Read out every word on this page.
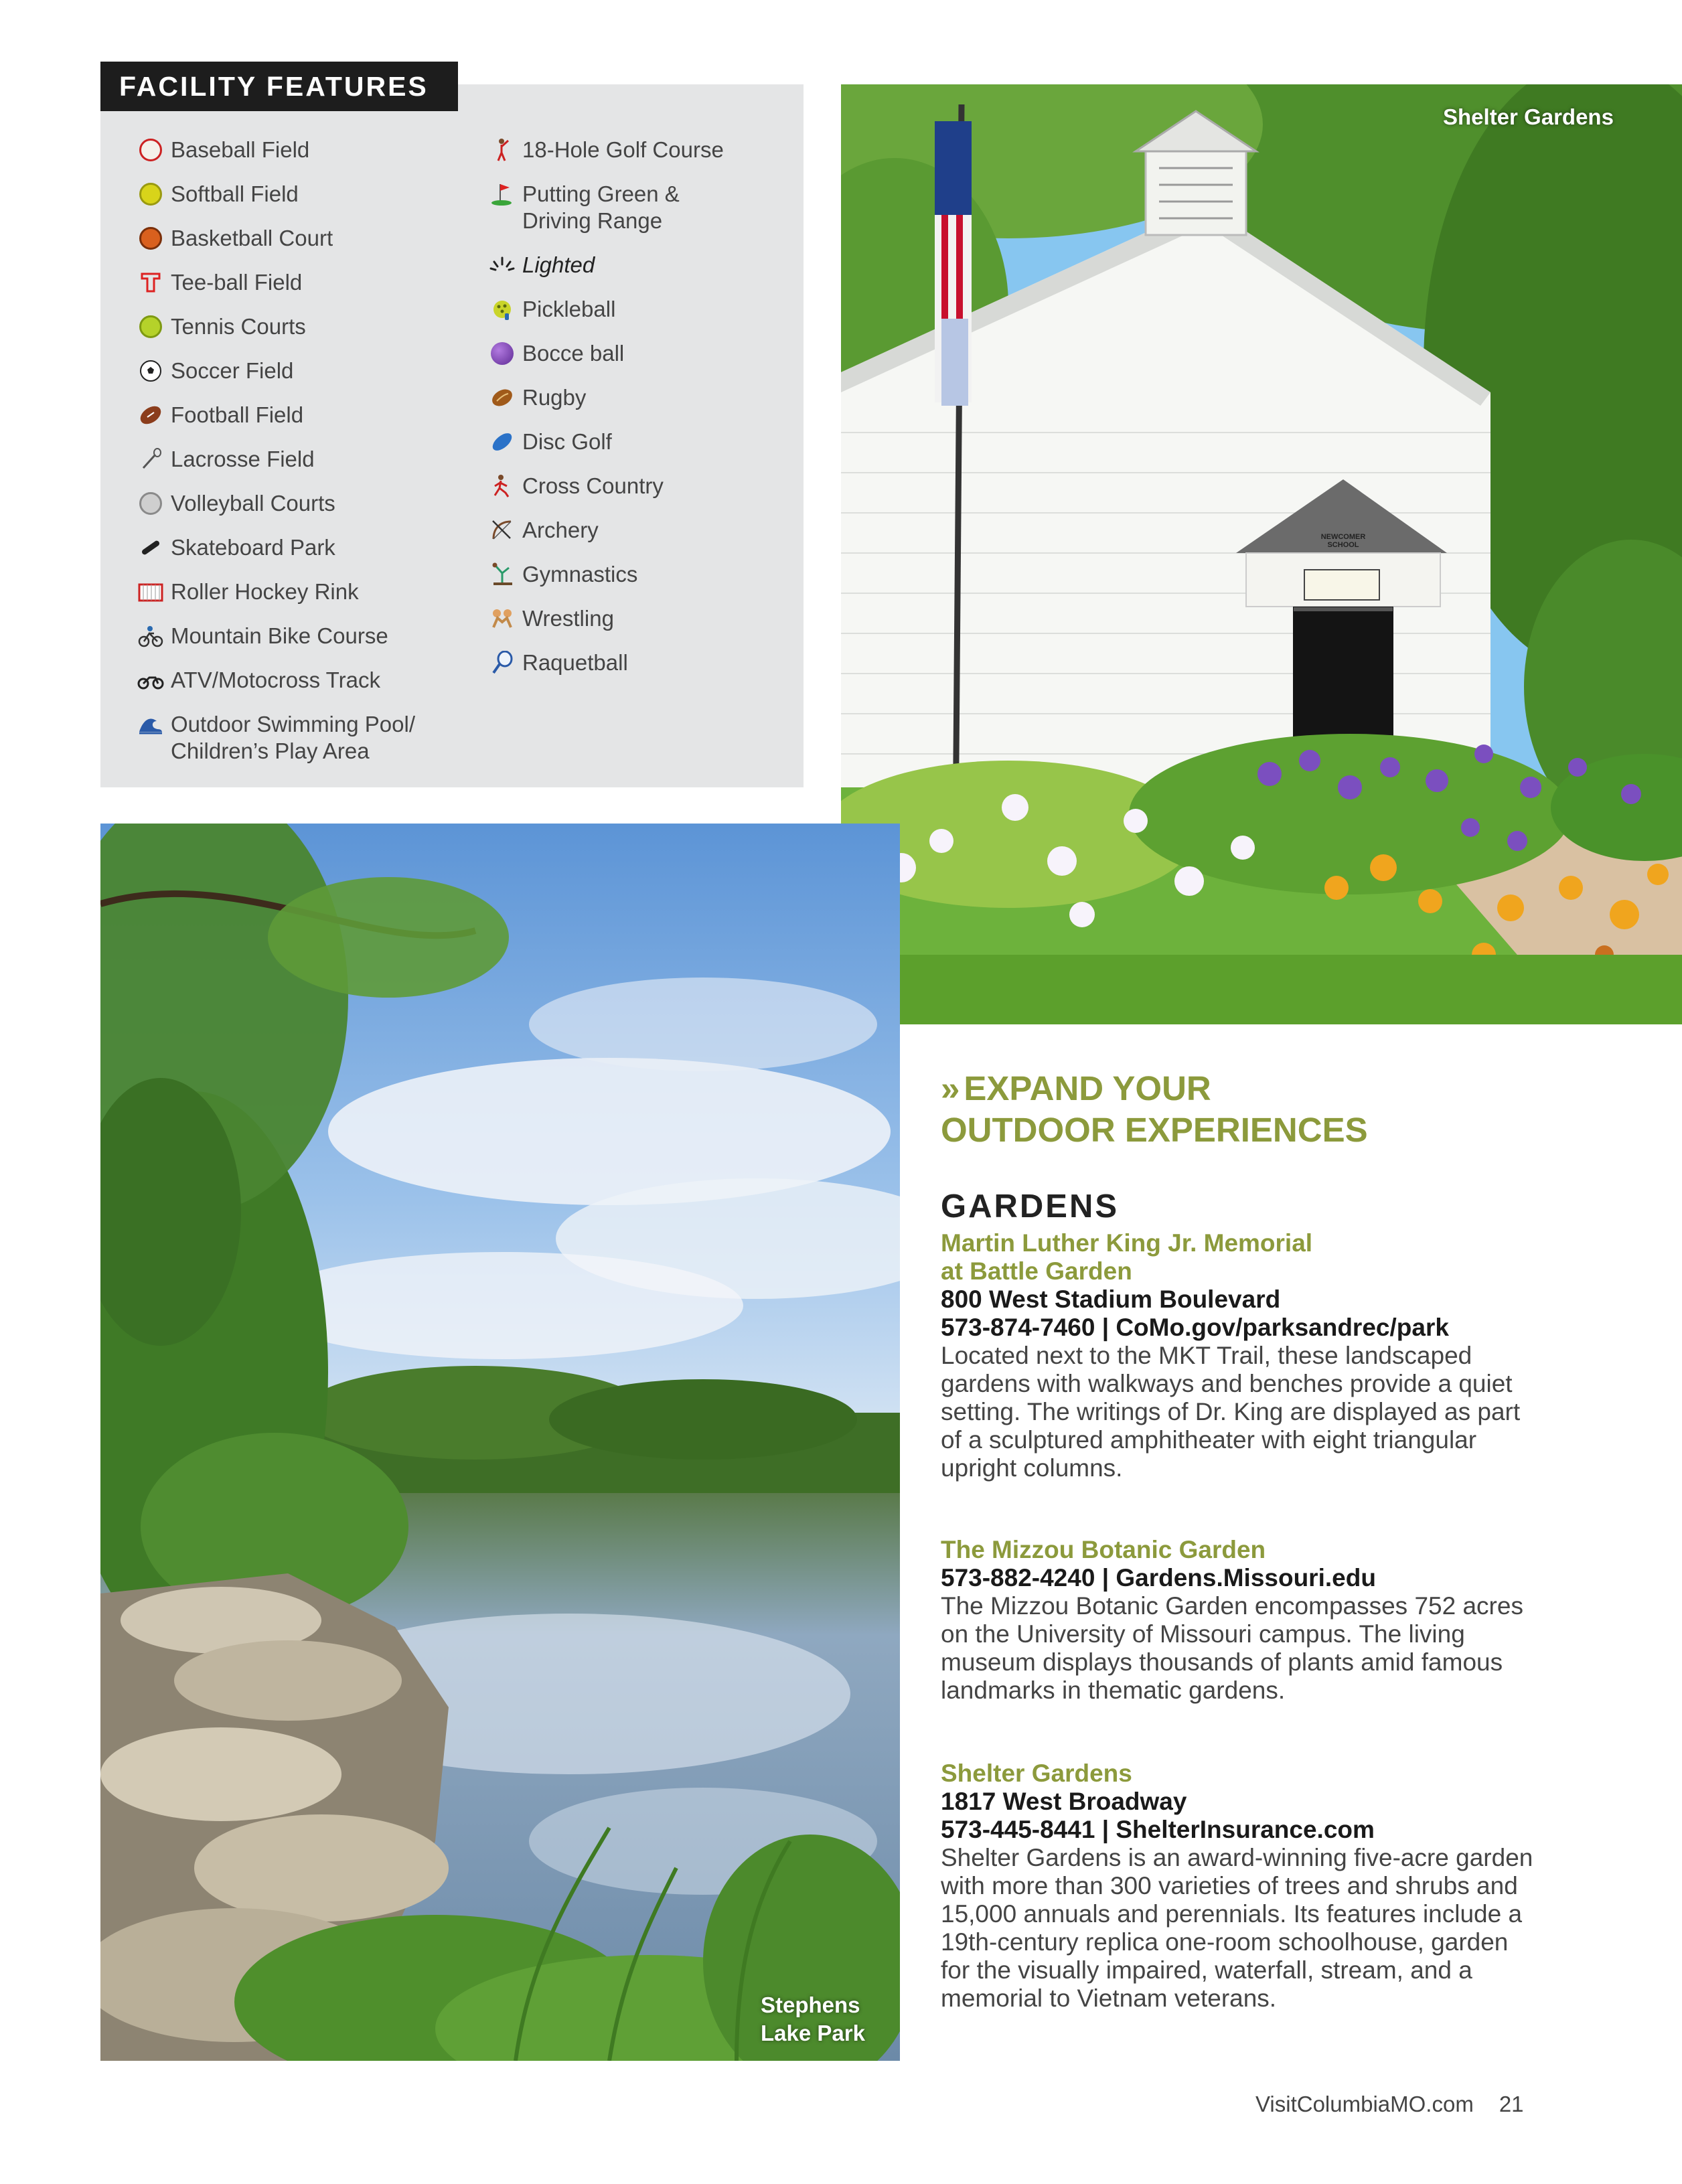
FACILITY FEATURES
Baseball Field
Softball Field
Basketball Court
Tee-ball Field
Tennis Courts
Soccer Field
Football Field
Lacrosse Field
Volleyball Courts
Skateboard Park
Roller Hockey Rink
Mountain Bike Course
ATV/Motocross Track
Outdoor Swimming Pool/
Children’s Play Area
18-Hole Golf Course
Putting Green &
Driving Range
Lighted
Pickleball
Bocce ball
Rugby
Disc Golf
Cross Country
Archery
Gymnastics
Wrestling
Raquetball
NEWCOMER
SCHOOL
Shelter Gardens
Stephens
Lake Park
» EXPAND YOUR
OUTDOOR EXPERIENCES
GARDENS
Martin Luther King Jr. Memorial
at Battle Garden
800 West Stadium Boulevard
573-874-7460 | CoMo.gov/parksandrec/park
Located next to the MKT Trail, these landscaped gardens with walkways and benches provide a quiet setting. The writings of Dr. King are displayed as part of a sculptured amphitheater with eight triangular upright columns.
The Mizzou Botanic Garden
573-882-4240 | Gardens.Missouri.edu
The Mizzou Botanic Garden encompasses 752 acres on the University of Missouri campus. The living museum displays thousands of plants amid famous landmarks in thematic gardens.
Shelter Gardens
1817 West Broadway
573-445-8441 | ShelterInsurance.com
Shelter Gardens is an award-winning five-acre garden with more than 300 varieties of trees and shrubs and 15,000 annuals and perennials. Its features include a 19th-century replica one-room schoolhouse, garden for the visually impaired, waterfall, stream, and a memorial to Vietnam veterans.
VisitColumbiaMO.com 21
